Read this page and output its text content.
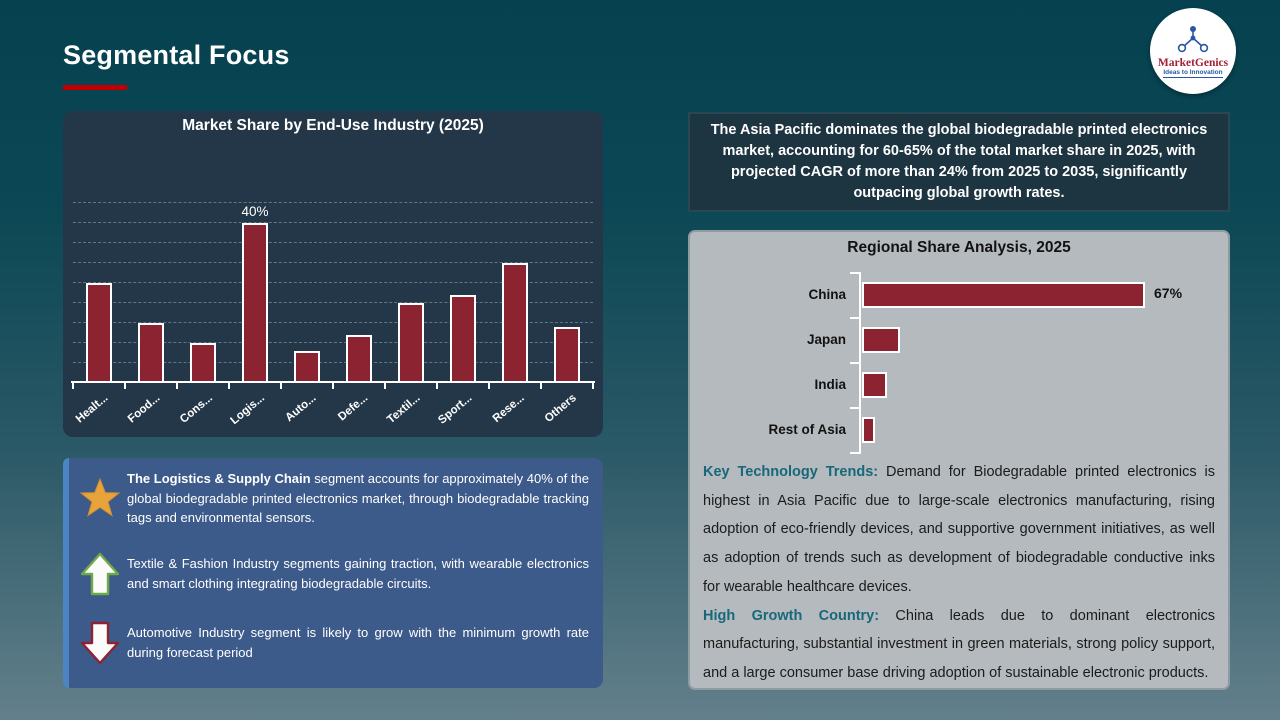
Segmental Focus	MarketGenics
Ideas to Innovation
Market Share by End-Use Industry (2025)
40%
Healt... Food... Cons... Logis... Auto... Defe... Textil... Sport... Rese... Others

The Logistics & Supply Chain segment accounts for approximately 40% of the global biodegradable printed electronics market, through biodegradable tracking tags and environmental sensors.

Textile & Fashion Industry segments gaining traction, with wearable electronics and smart clothing integrating biodegradable circuits.

Automotive Industry segment is likely to grow with the minimum growth rate during forecast period

The Asia Pacific dominates the global biodegradable printed electronics market, accounting for 60-65% of the total market share in 2025, with projected CAGR of more than 24% from 2025 to 2035, significantly outpacing global growth rates.

Regional Share Analysis, 2025
China	67%
Japan
India
Rest of Asia

Key Technology Trends: Demand for Biodegradable printed electronics is highest in Asia Pacific due to large-scale electronics manufacturing, rising adoption of eco-friendly devices, and supportive government initiatives, as well as adoption of trends such as development of biodegradable conductive inks for wearable healthcare devices.

High Growth Country: China leads due to dominant electronics manufacturing, substantial investment in green materials, strong policy support, and a large consumer base driving adoption of sustainable electronic products.
